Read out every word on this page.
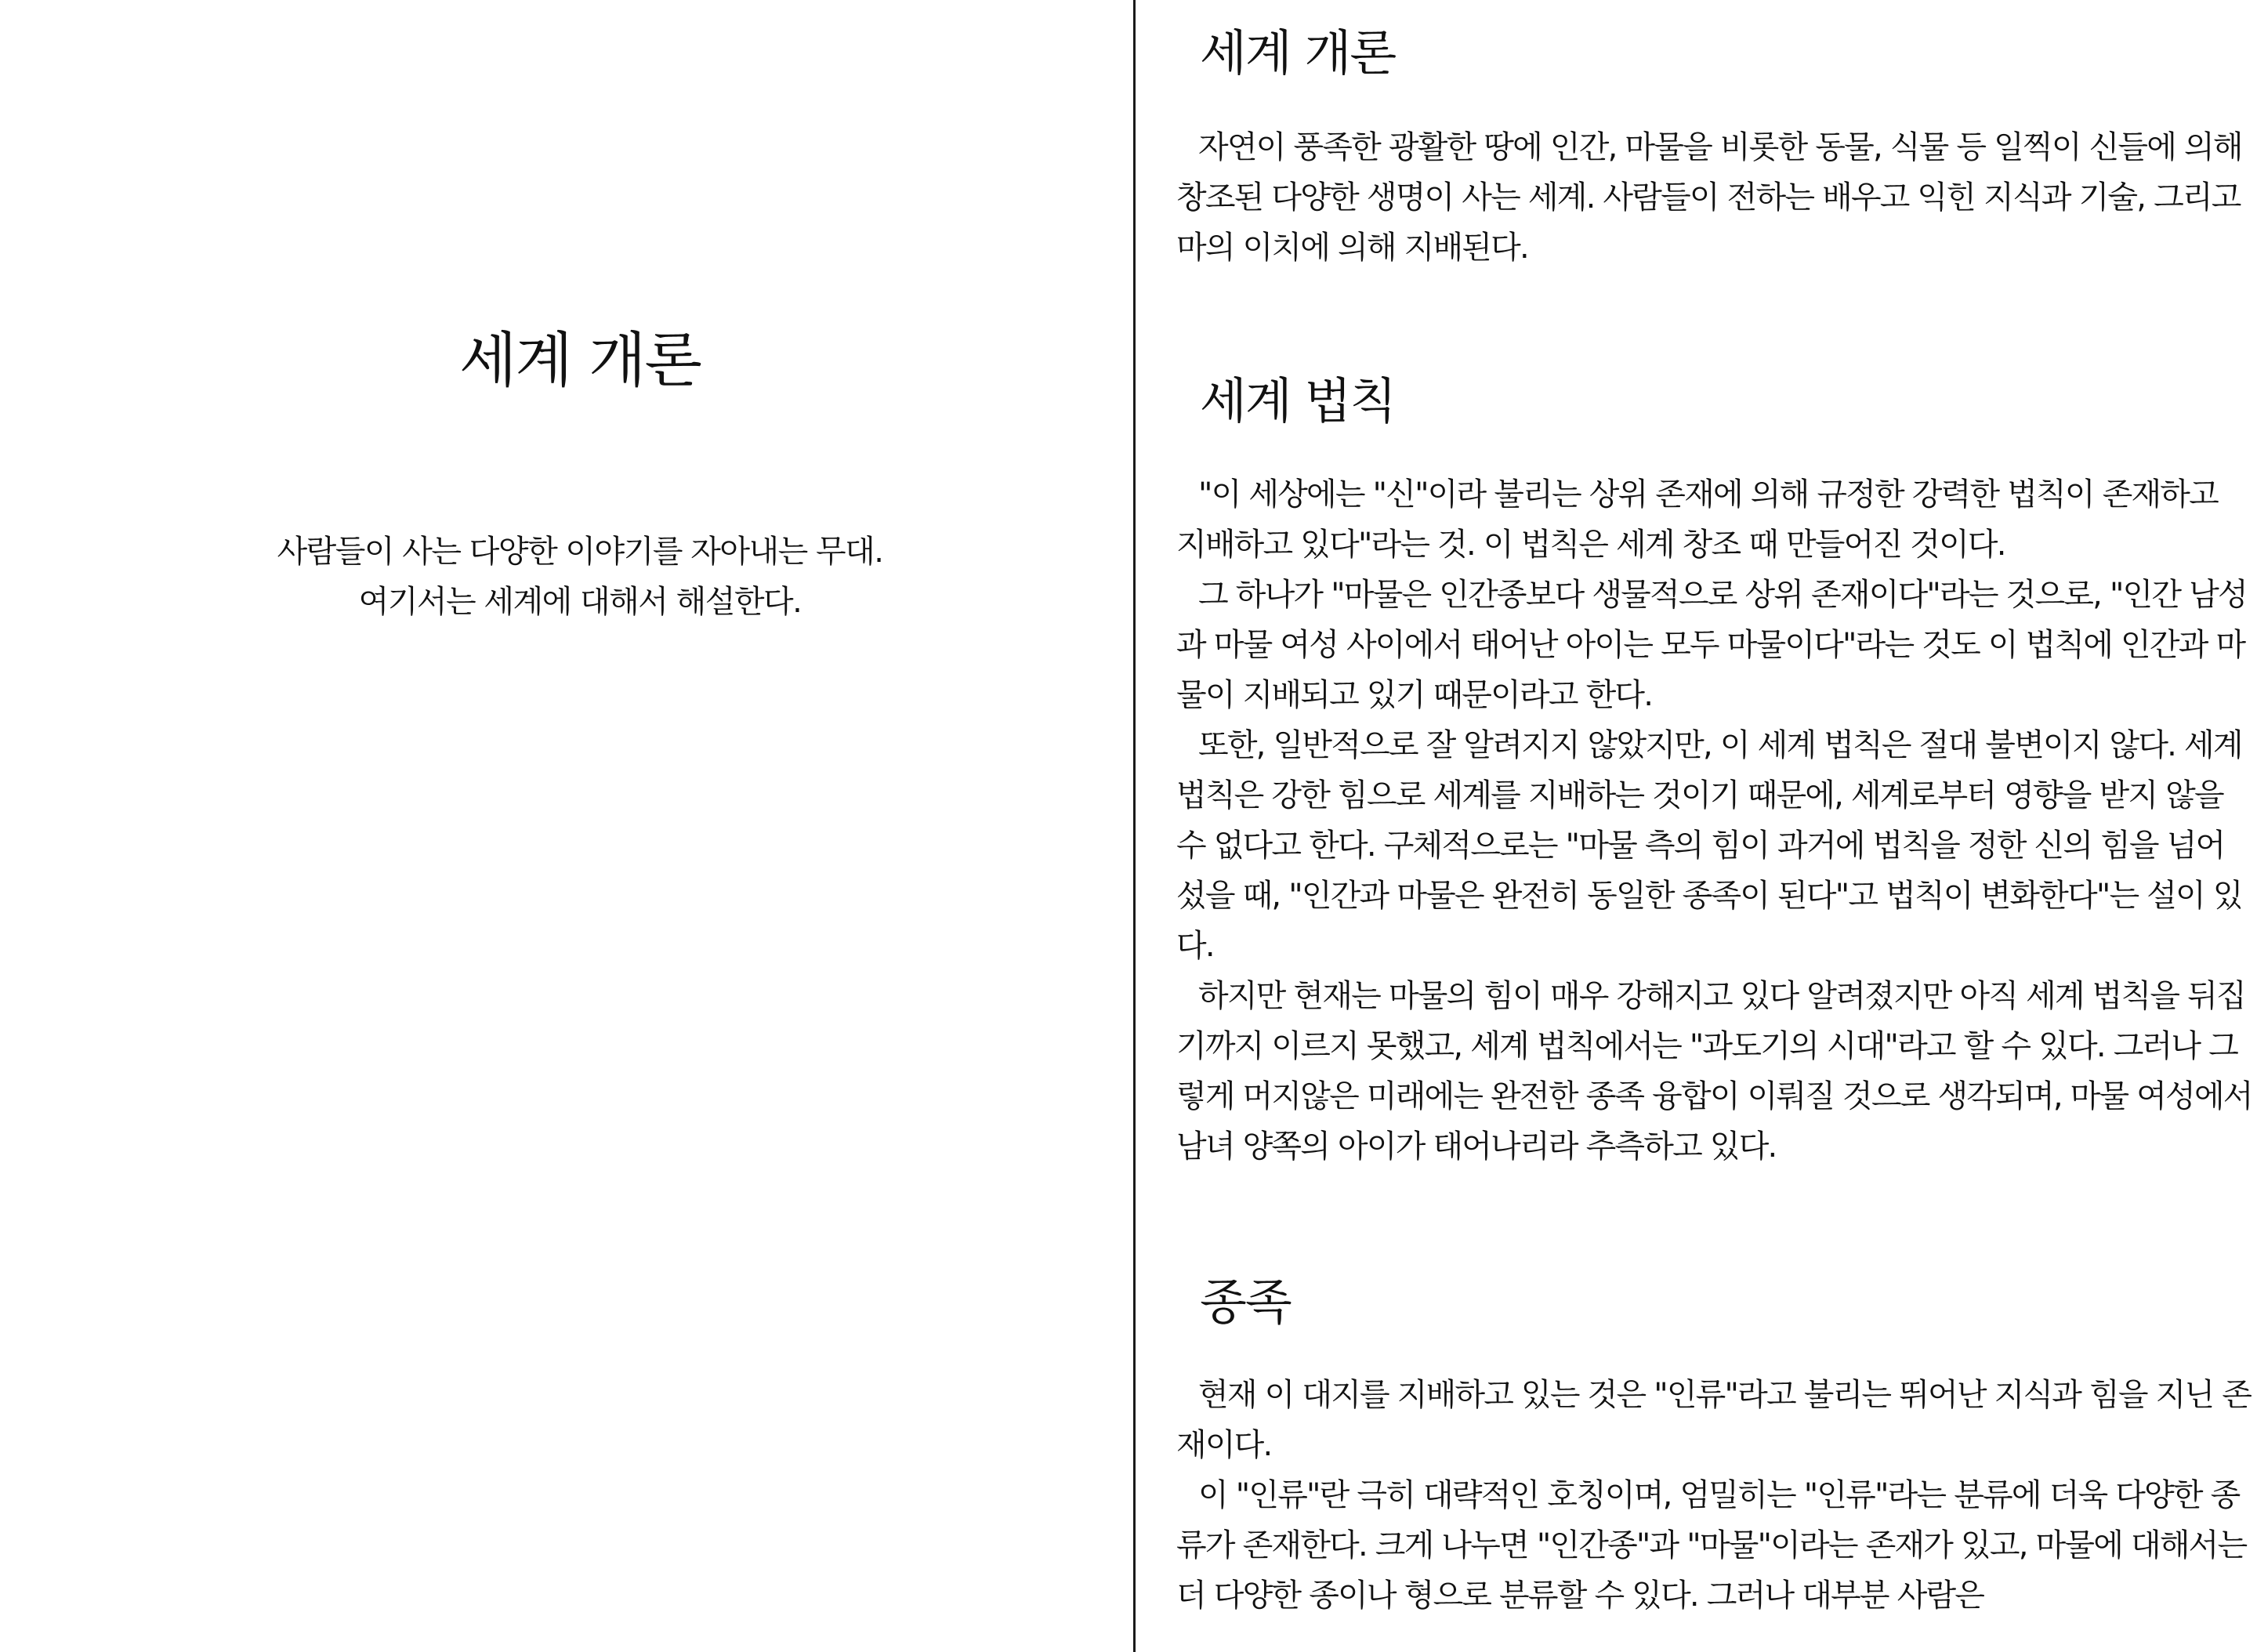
세계 개론

사람들이 사는 다양한 이야기를 자아내는 무대.

여기서는 세계에 대해서 해설한다.

세계 개론

자연이 풍족한 광활한 땅에 인간, 마물을 비롯한 동물, 식물 등 일찍이 신들에 의해 창조된 다양한 생명이 사는 세계. 사람들이 전하는 배우고 익힌 지식과 기술, 그리고 마의 이치에 의해 지배된다.

세계 법칙

"이 세상에는 "신"이라 불리는 상위 존재에 의해 규정한 강력한 법칙이 존재하고 지배하고 있다"라는 것. 이 법칙은 세계 창조 때 만들어진 것이다.

그 하나가 "마물은 인간종보다 생물적으로 상위 존재이다"라는 것으로, "인간 남성과 마물 여성 사이에서 태어난 아이는 모두 마물이다"라는 것도 이 법칙에 인간과 마물이 지배되고 있기 때문이라고 한다.

또한, 일반적으로 잘 알려지지 않았지만, 이 세계 법칙은 절대 불변이지 않다. 세계 법칙은 강한 힘으로 세계를 지배하는 것이기 때문에, 세계로부터 영향을 받지 않을 수 없다고 한다. 구체적으로는 "마물 측의 힘이 과거에 법칙을 정한 신의 힘을 넘어 섰을 때, "인간과 마물은 완전히 동일한 종족이 된다"고 법칙이 변화한다"는 설이 있다.

하지만 현재는 마물의 힘이 매우 강해지고 있다 알려졌지만 아직 세계 법칙을 뒤집기까지 이르지 못했고, 세계 법칙에서는 "과도기의 시대"라고 할 수 있다. 그러나 그렇게 머지않은 미래에는 완전한 종족 융합이 이뤄질 것으로 생각되며, 마물 여성에서 남녀 양쪽의 아이가 태어나리라 추측하고 있다.

종족

현재 이 대지를 지배하고 있는 것은 "인류"라고 불리는 뛰어난 지식과 힘을 지닌 존재이다.

이 "인류"란 극히 대략적인 호칭이며, 엄밀히는 "인류"라는 분류에 더욱 다양한 종류가 존재한다. 크게 나누면 "인간종"과 "마물"이라는 존재가 있고, 마물에 대해서는 더 다양한 종이나 형으로 분류할 수 있다. 그러나 대부분 사람은
